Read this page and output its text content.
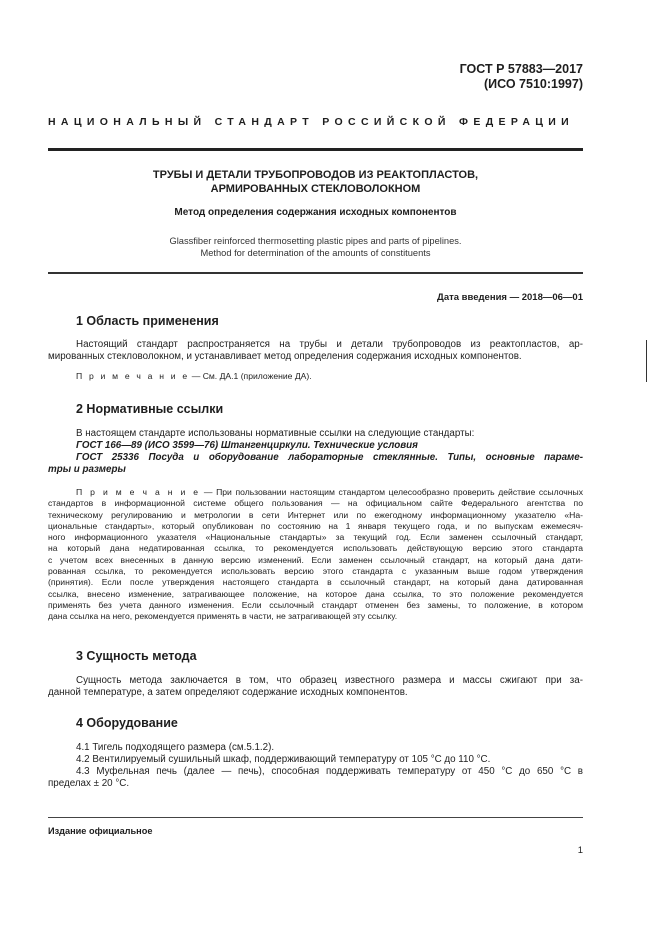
ГОСТ Р 57883—2017
(ИСО 7510:1997)
НАЦИОНАЛЬНЫЙ СТАНДАРТ РОССИЙСКОЙ ФЕДЕРАЦИИ
ТРУБЫ И ДЕТАЛИ ТРУБОПРОВОДОВ ИЗ РЕАКТОПЛАСТОВ,
АРМИРОВАННЫХ СТЕКЛОВОЛОКНОМ
Метод определения содержания исходных компонентов
Glassfiber reinforced thermosetting plastic pipes and parts of pipelines.
Method for determination of the amounts of constituents
Дата введения — 2018—06—01
1 Область применения
Настоящий стандарт распространяется на трубы и детали трубопроводов из реактопластов, ар-
мированных стекловолокном, и устанавливает метод определения содержания исходных компонентов.
П р и м е ч а н и е — См. ДА.1 (приложение ДА).
2 Нормативные ссылки
В настоящем стандарте использованы нормативные ссылки на следующие стандарты:
ГОСТ 166—89 (ИСО 3599—76) Штангенциркули. Технические условия
ГОСТ 25336 Посуда и оборудование лабораторные стеклянные. Типы, основные параме-
тры и размеры
П р и м е ч а н и е — При пользовании настоящим стандартом целесообразно проверить действие ссылочных
стандартов в информационной системе общего пользования — на официальном сайте Федерального агентства по
техническому регулированию и метрологии в сети Интернет или по ежегодному информационному указателю «На-
циональные стандарты», который опубликован по состоянию на 1 января текущего года, и по выпускам ежемесяч-
ного информационного указателя «Национальные стандарты» за текущий год. Если заменен ссылочный стандарт,
на который дана недатированная ссылка, то рекомендуется использовать действующую версию этого стандарта
с учетом всех внесенных в данную версию изменений. Если заменен ссылочный стандарт, на который дана дати-
рованная ссылка, то рекомендуется использовать версию этого стандарта с указанным выше годом утверждения
(принятия). Если после утверждения настоящего стандарта в ссылочный стандарт, на который дана датированная
ссылка, внесено изменение, затрагивающее положение, на которое дана ссылка, то это положение рекомендуется
применять без учета данного изменения. Если ссылочный стандарт отменен без замены, то положение, в котором
дана ссылка на него, рекомендуется применять в части, не затрагивающей эту ссылку.
3 Сущность метода
Сущность метода заключается в том, что образец известного размера и массы сжигают при за-
данной температуре, а затем определяют содержание исходных компонентов.
4 Оборудование
4.1 Тигель подходящего размера (см.5.1.2).
4.2 Вентилируемый сушильный шкаф, поддерживающий температуру от 105 °С до 110 °С.
4.3 Муфельная печь (далее — печь), способная поддерживать температуру от 450 °С до 650 °С в
пределах ± 20 °С.
Издание официальное
1
